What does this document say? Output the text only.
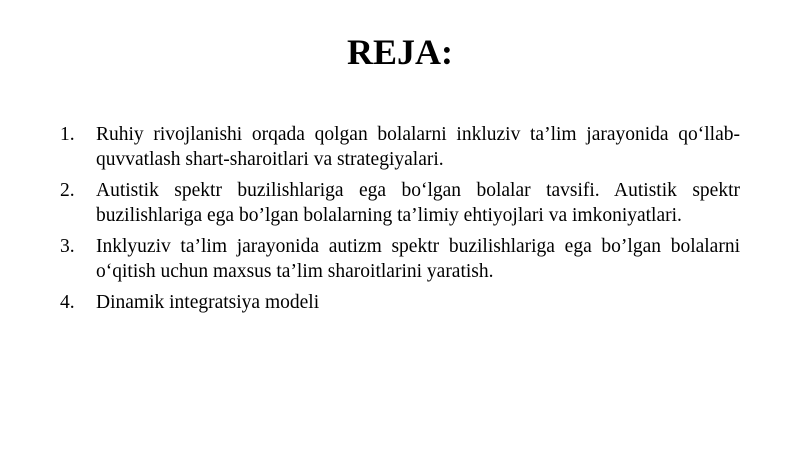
REJA:
1.	Ruhiy rivojlanishi orqada qolgan bolalarni inkluziv ta’lim jarayonida qo‘llab-quvvatlash shart-sharoitlari va strategiyalari.
2.	Autistik spektr buzilishlariga ega bo‘lgan bolalar tavsifi. Autistik spektr buzilishlariga ega bo’lgan bolalarning ta’limiy ehtiyojlari va imkoniyatlari.
3.	Inklyuziv ta’lim jarayonida autizm spektr buzilishlariga ega bo’lgan bolalarni o‘qitish uchun maxsus ta’lim sharoitlarini yaratish.
4.	Dinamik integratsiya modeli
